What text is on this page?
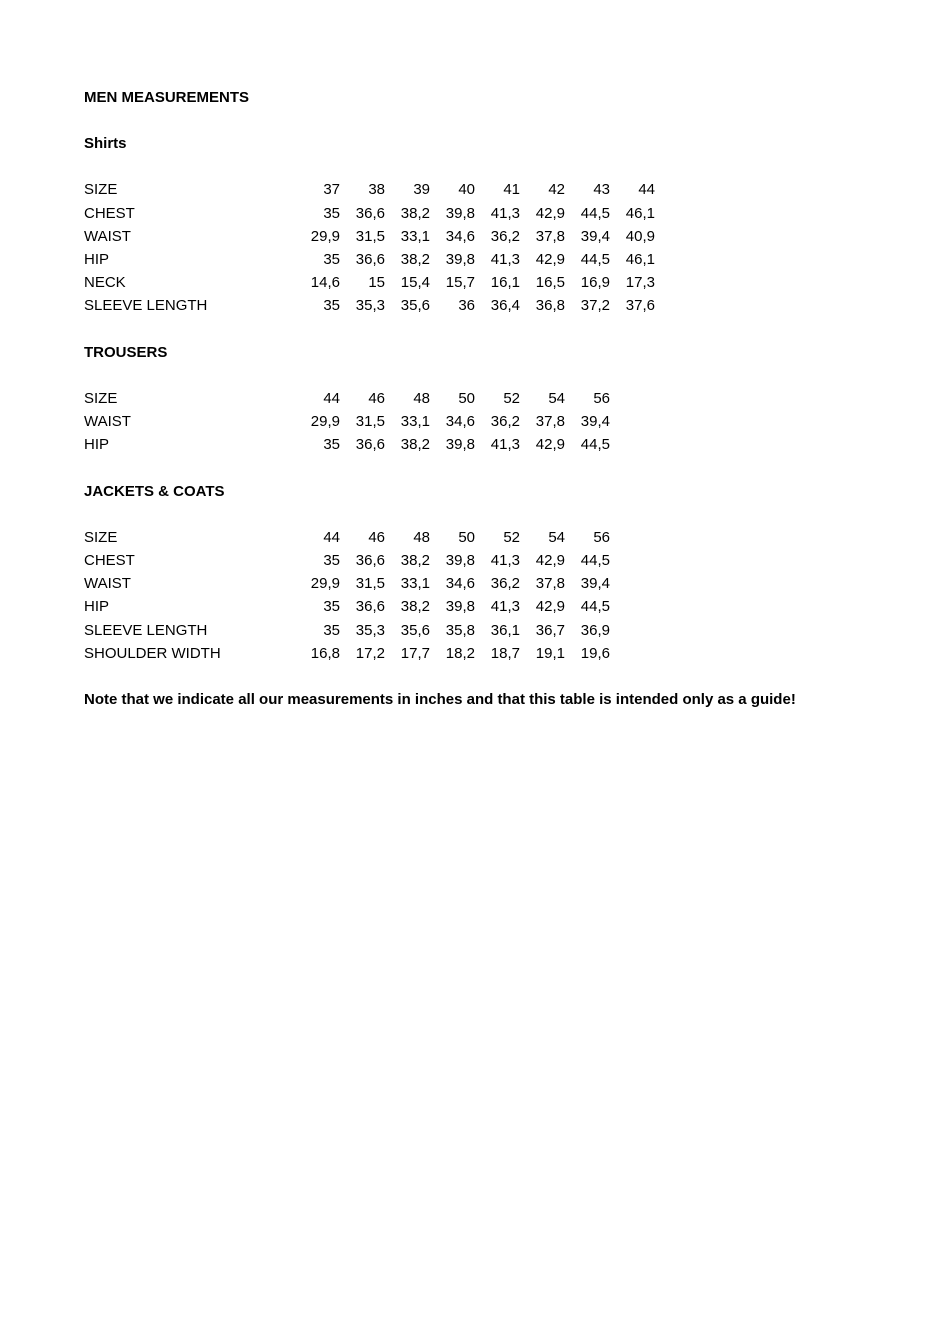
MEN MEASUREMENTS
Shirts
SIZE	37	38	39	40	41	42	43	44
CHEST	35	36,6	38,2	39,8	41,3	42,9	44,5	46,1
WAIST	29,9	31,5	33,1	34,6	36,2	37,8	39,4	40,9
HIP	35	36,6	38,2	39,8	41,3	42,9	44,5	46,1
NECK	14,6	15	15,4	15,7	16,1	16,5	16,9	17,3
SLEEVE LENGTH	35	35,3	35,6	36	36,4	36,8	37,2	37,6
TROUSERS
SIZE	44	46	48	50	52	54	56
WAIST	29,9	31,5	33,1	34,6	36,2	37,8	39,4
HIP	35	36,6	38,2	39,8	41,3	42,9	44,5
JACKETS & COATS
SIZE	44	46	48	50	52	54	56
CHEST	35	36,6	38,2	39,8	41,3	42,9	44,5
WAIST	29,9	31,5	33,1	34,6	36,2	37,8	39,4
HIP	35	36,6	38,2	39,8	41,3	42,9	44,5
SLEEVE LENGTH	35	35,3	35,6	35,8	36,1	36,7	36,9
SHOULDER WIDTH	16,8	17,2	17,7	18,2	18,7	19,1	19,6
Note that we indicate all our measurements in inches and that this table is intended only as a guide!
